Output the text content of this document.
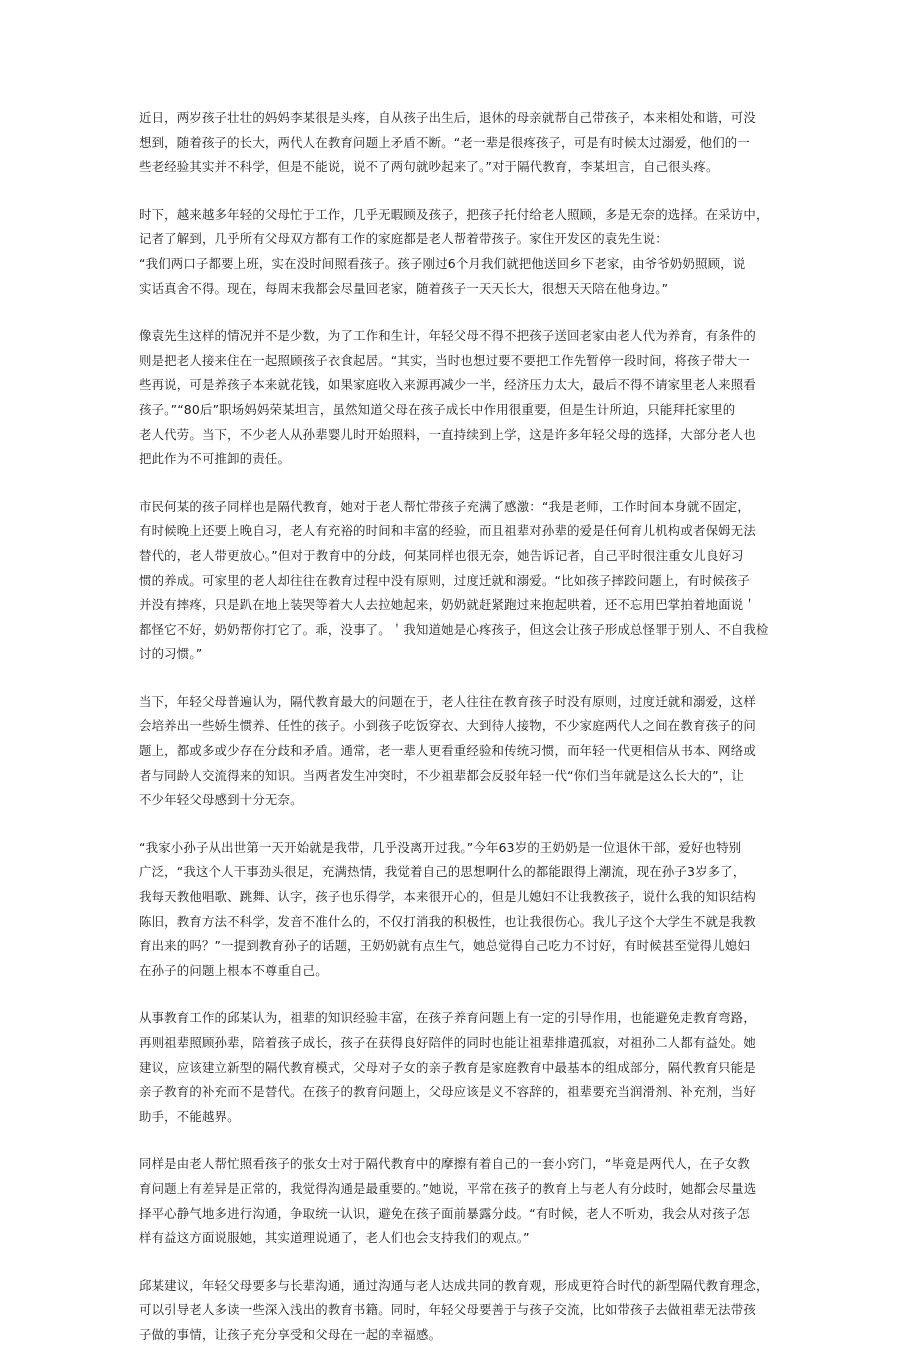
近日，两岁孩子壮壮的妈妈李某很是头疼，自从孩子出生后，退休的母亲就帮自己带孩子，本来相处和谐，可没
想到，随着孩子的长大，两代人在教育问题上矛盾不断。“老一辈是很疼孩子，可是有时候太过溺爱，他们的一
些老经验其实并不科学，但是不能说，说不了两句就吵起来了。”对于隔代教育，李某坦言，自己很头疼。
时下，越来越多年轻的父母忙于工作，几乎无暇顾及孩子，把孩子托付给老人照顾，多是无奈的选择。在采访中，
记者了解到，几乎所有父母双方都有工作的家庭都是老人帮着带孩子。家住开发区的袁先生说：
“我们两口子都要上班，实在没时间照看孩子。孩子刚过6个月我们就把他送回乡下老家，由爷爷奶奶照顾，说
实话真舍不得。现在，每周末我都会尽量回老家，随着孩子一天天长大，很想天天陪在他身边。”
像袁先生这样的情况并不是少数，为了工作和生计，年轻父母不得不把孩子送回老家由老人代为养育，有条件的
则是把老人接来住在一起照顾孩子衣食起居。“其实，当时也想过要不要把工作先暂停一段时间，将孩子带大一
些再说，可是养孩子本来就花钱，如果家庭收入来源再减少一半，经济压力太大，最后不得不请家里老人来照看
孩子。”“80后”职场妈妈荣某坦言，虽然知道父母在孩子成长中作用很重要，但是生计所迫，只能拜托家里的
老人代劳。当下，不少老人从孙辈婴儿时开始照料，一直持续到上学，这是许多年轻父母的选择，大部分老人也
把此作为不可推卸的责任。
市民何某的孩子同样也是隔代教育，她对于老人帮忙带孩子充满了感激：“我是老师，工作时间本身就不固定，
有时候晚上还要上晚自习，老人有充裕的时间和丰富的经验，而且祖辈对孙辈的爱是任何育儿机构或者保姆无法
替代的，老人带更放心。”但对于教育中的分歧，何某同样也很无奈，她告诉记者，自己平时很注重女儿良好习
惯的养成。可家里的老人却往往在教育过程中没有原则，过度迁就和溺爱。“比如孩子摔跤问题上，有时候孩子
并没有摔疼，只是趴在地上装哭等着大人去拉她起来，奶奶就赶紧跑过来抱起哄着，还不忘用巴掌拍着地面说＇
都怪它不好，奶奶帮你打它了。乖，没事了。＇我知道她是心疼孩子，但这会让孩子形成总怪罪于别人、不自我检
讨的习惯。”
当下，年轻父母普遍认为，隔代教育最大的问题在于，老人往往在教育孩子时没有原则，过度迁就和溺爱，这样
会培养出一些娇生惯养、任性的孩子。小到孩子吃饭穿衣、大到待人接物，不少家庭两代人之间在教育孩子的问
题上，都或多或少存在分歧和矛盾。通常，老一辈人更看重经验和传统习惯，而年轻一代更相信从书本、网络或
者与同龄人交流得来的知识。当两者发生冲突时，不少祖辈都会反驳年轻一代“你们当年就是这么长大的”，让
不少年轻父母感到十分无奈。
“我家小孙子从出世第一天开始就是我带，几乎没离开过我。”今年63岁的王奶奶是一位退休干部，爱好也特别
广泛，“我这个人干事劲头很足，充满热情，我觉着自己的思想啊什么的都能跟得上潮流，现在孙子3岁多了，
我每天教他唱歌、跳舞、认字，孩子也乐得学，本来很开心的，但是儿媳妇不让我教孩子，说什么我的知识结构
陈旧，教育方法不科学，发音不准什么的，不仅打消我的积极性，也让我很伤心。我儿子这个大学生不就是我教
育出来的吗？”一提到教育孙子的话题，王奶奶就有点生气，她总觉得自己吃力不讨好，有时候甚至觉得儿媳妇
在孙子的问题上根本不尊重自己。
从事教育工作的邱某认为，祖辈的知识经验丰富，在孩子养育问题上有一定的引导作用，也能避免走教育弯路，
再则祖辈照顾孙辈，陪着孩子成长，孩子在获得良好陪伴的同时也能让祖辈排遣孤寂，对祖孙二人都有益处。她
建议，应该建立新型的隔代教育模式，父母对子女的亲子教育是家庭教育中最基本的组成部分，隔代教育只能是
亲子教育的补充而不是替代。在孩子的教育问题上，父母应该是义不容辞的，祖辈要充当润滑剂、补充剂，当好
助手，不能越界。
同样是由老人帮忙照看孩子的张女士对于隔代教育中的摩擦有着自己的一套小窍门，“毕竟是两代人，在子女教
育问题上有差异是正常的，我觉得沟通是最重要的。”她说，平常在孩子的教育上与老人有分歧时，她都会尽量选
择平心静气地多进行沟通，争取统一认识，避免在孩子面前暴露分歧。“有时候，老人不听劝，我会从对孩子怎
样有益这方面说服她，其实道理说通了，老人们也会支持我们的观点。”
邱某建议，年轻父母要多与长辈沟通，通过沟通与老人达成共同的教育观，形成更符合时代的新型隔代教育理念，
可以引导老人多读一些深入浅出的教育书籍。同时，年轻父母要善于与孩子交流，比如带孩子去做祖辈无法带孩
子做的事情，让孩子充分享受和父母在一起的幸福感。
